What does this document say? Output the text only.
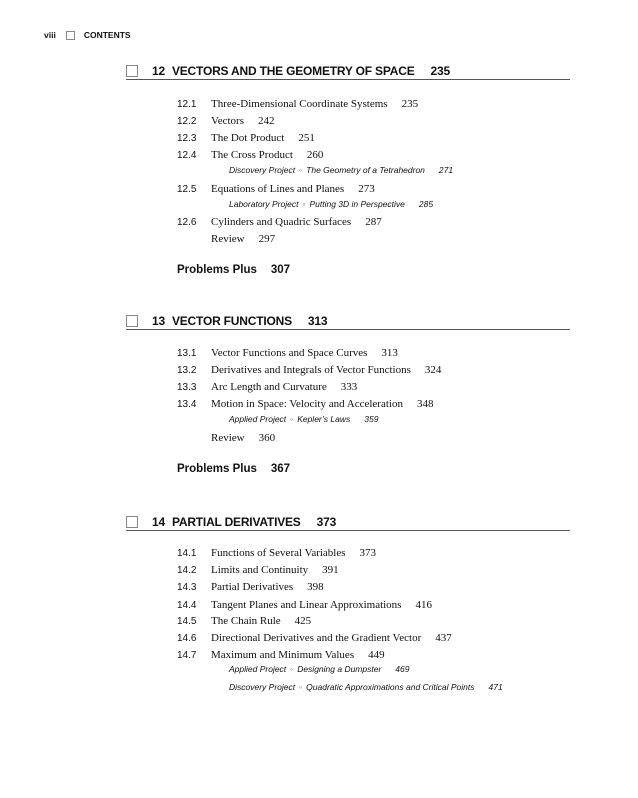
viii	CONTENTS
12 VECTORS AND THE GEOMETRY OF SPACE 235
12.1	Three-Dimensional Coordinate Systems 235
12.2	Vectors 242
12.3	The Dot Product 251
12.4	The Cross Product 260
Discovery Project ◦ The Geometry of a Tetrahedron 271
12.5	Equations of Lines and Planes 273
Laboratory Project ◦ Putting 3D in Perspective 285
12.6	Cylinders and Quadric Surfaces 287
Review 297
Problems Plus 307
13 VECTOR FUNCTIONS 313
13.1	Vector Functions and Space Curves 313
13.2	Derivatives and Integrals of Vector Functions 324
13.3	Arc Length and Curvature 333
13.4	Motion in Space: Velocity and Acceleration 348
Applied Project ◦ Kepler’s Laws 359
Review 360
Problems Plus 367
14 PARTIAL DERIVATIVES 373
14.1	Functions of Several Variables 373
14.2	Limits and Continuity 391
14.3	Partial Derivatives 398
14.4	Tangent Planes and Linear Approximations 416
14.5	The Chain Rule 425
14.6	Directional Derivatives and the Gradient Vector 437
14.7	Maximum and Minimum Values 449
Applied Project ◦ Designing a Dumpster 469
Discovery Project ◦ Quadratic Approximations and Critical Points 471
